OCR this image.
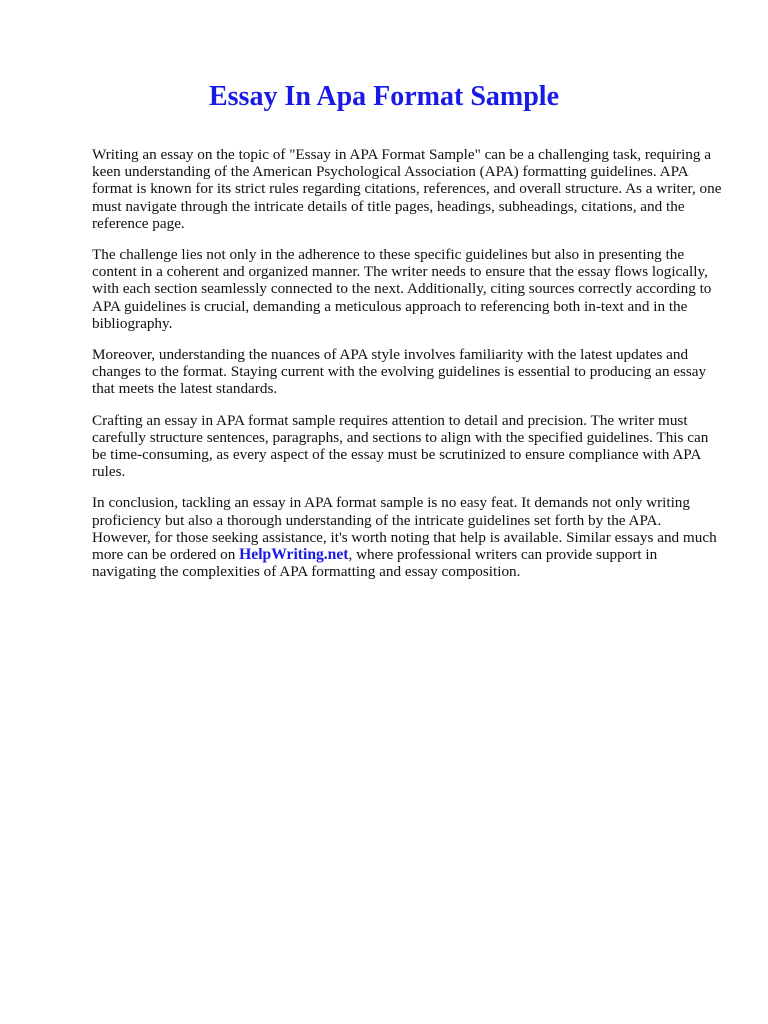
Essay In Apa Format Sample

Writing an essay on the topic of "Essay in APA Format Sample" can be a challenging task, requiring a keen understanding of the American Psychological Association (APA) formatting guidelines. APA format is known for its strict rules regarding citations, references, and overall structure. As a writer, one must navigate through the intricate details of title pages, headings, subheadings, citations, and the reference page.

The challenge lies not only in the adherence to these specific guidelines but also in presenting the content in a coherent and organized manner. The writer needs to ensure that the essay flows logically, with each section seamlessly connected to the next. Additionally, citing sources correctly according to APA guidelines is crucial, demanding a meticulous approach to referencing both in-text and in the bibliography.

Moreover, understanding the nuances of APA style involves familiarity with the latest updates and changes to the format. Staying current with the evolving guidelines is essential to producing an essay that meets the latest standards.

Crafting an essay in APA format sample requires attention to detail and precision. The writer must carefully structure sentences, paragraphs, and sections to align with the specified guidelines. This can be time-consuming, as every aspect of the essay must be scrutinized to ensure compliance with APA rules.

In conclusion, tackling an essay in APA format sample is no easy feat. It demands not only writing proficiency but also a thorough understanding of the intricate guidelines set forth by the APA. However, for those seeking assistance, it's worth noting that help is available. Similar essays and much more can be ordered on HelpWriting.net, where professional writers can provide support in navigating the complexities of APA formatting and essay composition.
